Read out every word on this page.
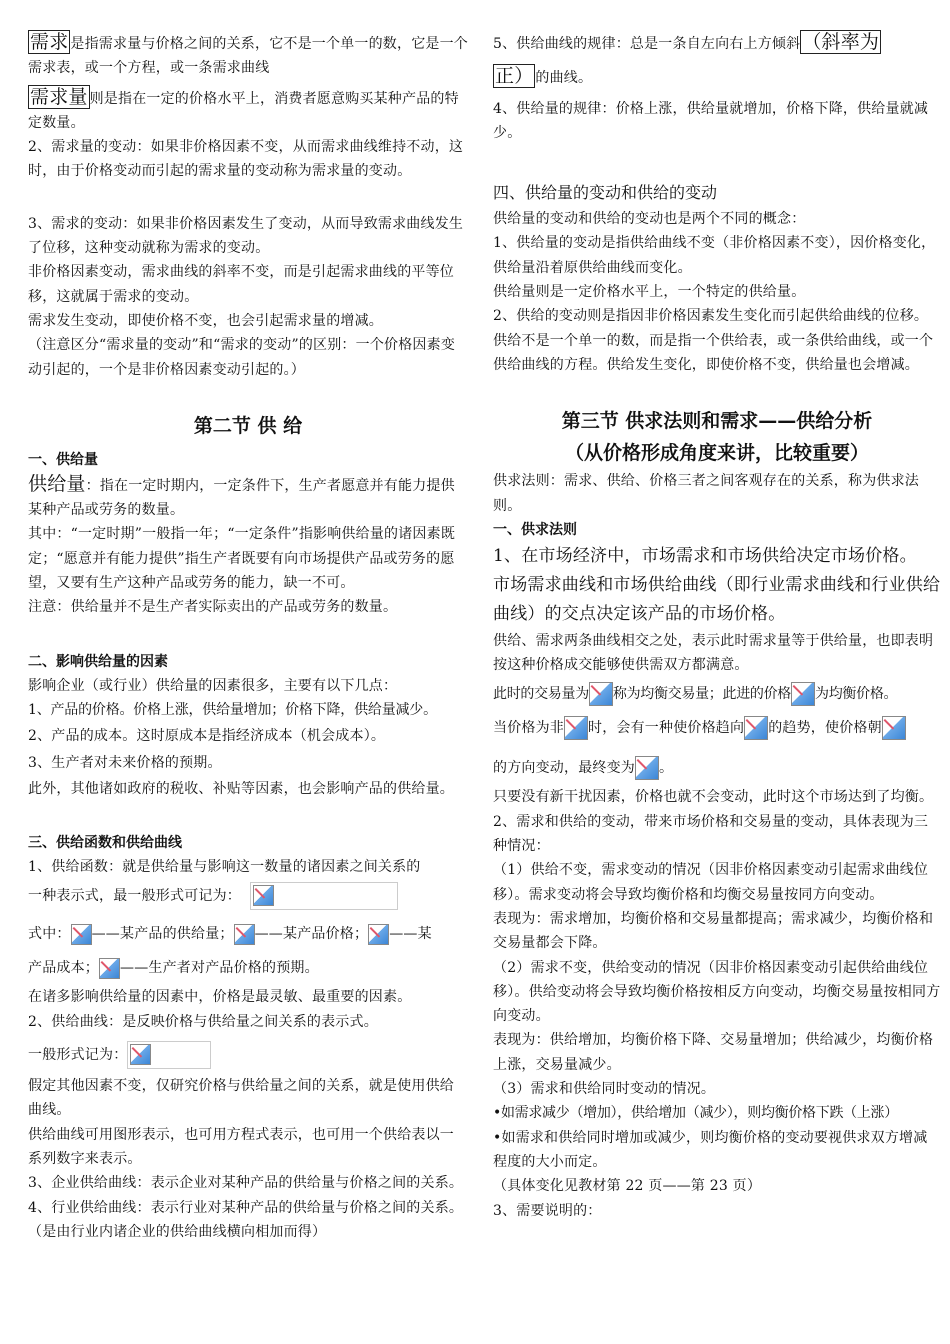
需求 是指需求量与价格之间的关系，它不是一个单一的数，它是一个需求表，或一个方程，或一条需求曲线

需求量 则是指在一定的价格水平上，消费者愿意购买某种产品的特定数量。

2、需求量的变动：如果非价格因素不变，从而需求曲线维持不动，这时，由于价格变动而引起的需求量的变动称为需求量的变动。

3、需求的变动：如果非价格因素发生了变动，从而导致需求曲线发生了位移，这种变动就称为需求的变动。

非价格因素变动，需求曲线的斜率不变，而是引起需求曲线的平等位移，这就属于需求的变动。

需求发生变动，即使价格不变，也会引起需求量的增减。

（注意区分“需求量的变动”和“需求的变动”的区别：一个价格因素变动引起的，一个是非价格因素变动引起的。）

第二节 供 给
一、供给量

供给量：指在一定时期内，一定条件下，生产者愿意并有能力提供某种产品或劳务的数量。

其中：“一定时期”一般指一年；“一定条件”指影响供给量的诸因素既定；“愿意并有能力提供”指生产者既要有向市场提供产品或劳务的愿望，又要有生产这种产品或劳务的能力，缺一不可。

注意：供给量并不是生产者实际卖出的产品或劳务的数量。

二、影响供给量的因素

影响企业（或行业）供给量的因素很多，主要有以下几点：

1、产品的价格。价格上涨，供给量增加；价格下降，供给量减少。

2、产品的成本。这时原成本是指经济成本（机会成本）。

3、生产者对未来价格的预期。

此外，其他诸如政府的税收、补贴等因素，也会影响产品的供给量。

三、供给函数和供给曲线

1、供给函数：就是供给量与影响这一数量的诸因素之间关系的

一种表示式，最一般形式可记为：

式中： ——某产品的供给量； ——某产品价格； ——某

产品成本； ——生产者对产品价格的预期。

在诸多影响供给量的因素中，价格是最灵敏、最重要的因素。

2、供给曲线：是反映价格与供给量之间关系的表示式。

一般形式记为：

假定其他因素不变，仅研究价格与供给量之间的关系，就是使用供给曲线。

供给曲线可用图形表示，也可用方程式表示，也可用一个供给表以一系列数字来表示。

3、企业供给曲线：表示企业对某种产品的供给量与价格之间的关系。

4、行业供给曲线：表示行业对某种产品的供给量与价格之间的关系。（是由行业内诸企业的供给曲线横向相加而得）

5、供给曲线的规律：总是一条自左向右上方倾斜 （斜率为

正） 的曲线。

4、供给量的规律：价格上涨，供给量就增加，价格下降，供给量就减少。

四、供给量的变动和供给的变动

供给量的变动和供给的变动也是两个不同的概念：

1、供给量的变动是指供给曲线不变（非价格因素不变），因价格变化，供给量沿着原供给曲线而变化。

供给量则是一定价格水平上，一个特定的供给量。

2、供给的变动则是指因非价格因素发生变化而引起供给曲线的位移。

供给不是一个单一的数，而是指一个供给表，或一条供给曲线，或一个供给曲线的方程。供给发生变化，即使价格不变，供给量也会增减。

第三节 供求法则和需求——供给分析
（从价格形成角度来讲，比较重要）

供求法则：需求、供给、价格三者之间客观存在的关系，称为供求法则。

一、供求法则

1、在市场经济中，市场需求和市场供给决定市场价格。

市场需求曲线和市场供给曲线（即行业需求曲线和行业供给曲线）的交点决定该产品的市场价格。

供给、需求两条曲线相交之处，表示此时需求量等于供给量，也即表明按这种价格成交能够使供需双方都满意。

此时的交易量为 称为均衡交易量；此进的价格 为均衡价格。

当价格为非 时，会有一种使价格趋向 的趋势，使价格朝

的方向变动，最终变为 。

只要没有新干扰因素，价格也就不会变动，此时这个市场达到了均衡。

2、需求和供给的变动，带来市场价格和交易量的变动，具体表现为三种情况：

（1）供给不变，需求变动的情况（因非价格因素变动引起需求曲线位移）。需求变动将会导致均衡价格和均衡交易量按同方向变动。

表现为：需求增加，均衡价格和交易量都提高；需求减少，均衡价格和交易量都会下降。

（2）需求不变，供给变动的情况（因非价格因素变动引起供给曲线位移）。供给变动将会导致均衡价格按相反方向变动，均衡交易量按相同方向变动。

表现为：供给增加，均衡价格下降、交易量增加；供给减少，均衡价格上涨，交易量减少。

（3）需求和供给同时变动的情况。

•如需求减少（增加），供给增加（减少），则均衡价格下跌（上涨）

•如需求和供给同时增加或减少，则均衡价格的变动要视供求双方增减程度的大小而定。

（具体变化见教材第 22 页——第 23 页）

3、需要说明的：
